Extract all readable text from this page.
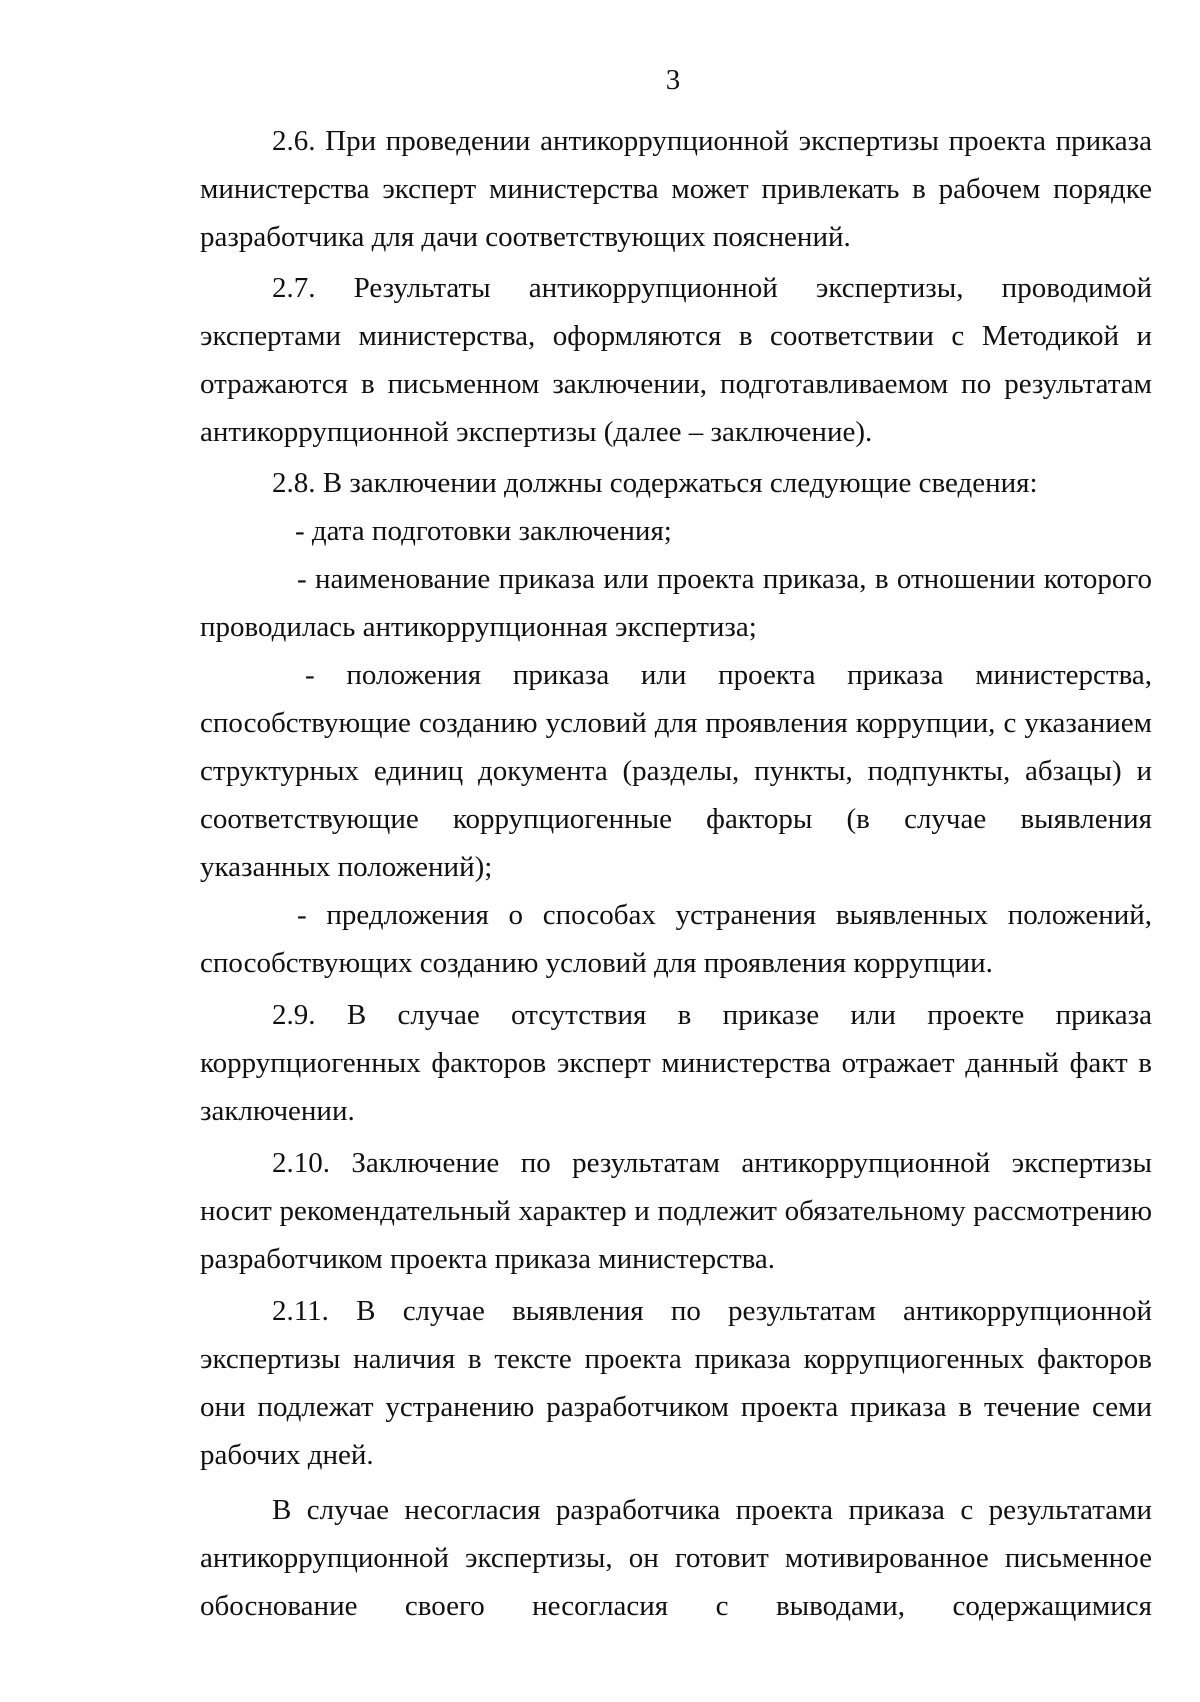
3

2.6. При проведении антикоррупционной экспертизы проекта приказа министерства эксперт министерства может привлекать в рабочем порядке разработчика для дачи соответствующих пояснений.

2.7. Результаты антикоррупционной экспертизы, проводимой экспертами министерства, оформляются в соответствии с Методикой и отражаются в письменном заключении, подготавливаемом по результатам антикоррупционной экспертизы (далее – заключение).

2.8. В заключении должны содержаться следующие сведения:

- дата подготовки заключения;

- наименование приказа или проекта приказа, в отношении которого проводилась антикоррупционная экспертиза;

- положения приказа или проекта приказа министерства, способствующие созданию условий для проявления коррупции, с указанием структурных единиц документа (разделы, пункты, подпункты, абзацы) и соответствующие коррупциогенные факторы (в случае выявления указанных положений);

- предложения о способах устранения выявленных положений, способствующих созданию условий для проявления коррупции.

2.9. В случае отсутствия в приказе или проекте приказа коррупциогенных факторов эксперт министерства отражает данный факт в заключении.

2.10. Заключение по результатам антикоррупционной экспертизы носит рекомендательный характер и подлежит обязательному рассмотрению разработчиком проекта приказа министерства.

2.11. В случае выявления по результатам антикоррупционной экспертизы наличия в тексте проекта приказа коррупциогенных факторов они подлежат устранению разработчиком проекта приказа в течение семи рабочих дней.

В случае несогласия разработчика проекта приказа с результатами антикоррупционной экспертизы, он готовит мотивированное письменное обоснование своего несогласия с выводами, содержащимися
